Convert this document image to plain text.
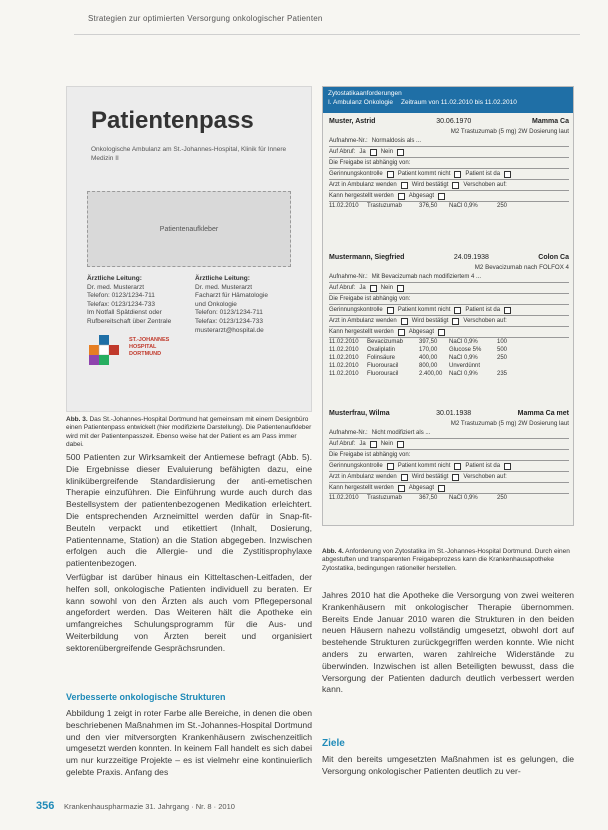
Strategien zur optimierten Versorgung onkologischer Patienten
Patientenpass
Onkologische Ambulanz am St.-Johannes-Hospital, Klinik für Innere Medizin II
Patientenaufkleber
Ärztliche Leitung:
Dr. med. Musterarzt
Telefon: 0123/1234-711
Telefax: 0123/1234-733
Im Notfall Spätdienst oder
Rufbereitschaft über Zentrale
Ärztliche Leitung:
Dr. med. Musterarzt
Facharzt für Hämatologie
und Onkologie
Telefon: 0123/1234-711
Telefax: 0123/1234-733
musterarzt@hospital.de
ST.-JOHANNES
HOSPITAL
DORTMUND
Abb. 3. Das St.-Johannes-Hospital Dortmund hat gemeinsam mit einem Designbüro einen Patientenpass entwickelt (hier modifizierte Darstellung). Die Patientenaufkleber wird mit der Patientenpasszeit. Ebenso weise hat der Patient es am Pass immer dabei.

500 Patienten zur Wirksamkeit der Antiemese befragt (Abb. 5). Die Ergebnisse dieser Evaluierung befähigten dazu, eine klinikübergreifende Standardisierung der anti-emetischen Therapie einzuführen. Die Einführung wurde auch durch das Bestellsystem der patientenbezogenen Medikation erleichtert. Die entsprechenden Arzneimittel werden dafür in Snap-fit-Beuteln verpackt und etikettiert (Inhalt, Dosierung, Patientenname, Station) an die Station abgegeben. Inzwischen erfolgen auch die Allergie- und die Zystitisprophylaxe patientenbezogen.

Verfügbar ist darüber hinaus ein Kitteltaschen-Leitfaden, der helfen soll, onkologische Patienten individuell zu beraten. Er kann sowohl von den Ärzten als auch vom Pflegepersonal angefordert werden. Das Weiteren hält die Apotheke ein umfangreiches Schulungsprogramm für die Aus- und Weiterbildung von Ärzten bereit und organisiert sektorenübergreifende Gesprächsrunden.

Verbesserte onkologische Strukturen
Abbildung 1 zeigt in roter Farbe alle Bereiche, in denen die oben beschriebenen Maßnahmen im St.-Johannes-Hospital Dortmund und den vier mitversorgten Krankenhäusern zwischenzeitlich umgesetzt werden konnten. In keinem Fall handelt es sich dabei um nur kurzzeitige Projekte – es ist vielmehr eine kontinuierlich gelebte Praxis. Anfang des
Zytostatikaanforderungen
I. Ambulanz Onkologie Zeitraum von 11.02.2010 bis 11.02.2010
Muster, Astrid	30.06.1970	Mamma Ca
M2 Trastuzumab (5 mg) 2W Dosierung laut
Aufnahme-Nr.: Normaldosis als ...
Auf Abruf: Ja	Nein
Die Freigabe ist abhängig von:
Gerinnungskontrolle	Patient kommt nicht	Patient ist da
Arzt in Ambulanz wenden	Wird bestätigt	Verschoben auf:
Kann hergestellt werden	Abgesagt
11.02.2010	Trastuzumab	376,50	NaCl 0,9%	250
Mustermann, Siegfried	24.09.1938	Colon Ca
M2 Bevacizumab nach FOLFOX 4
Aufnahme-Nr.: Mit Bevacizumab nach modifiziertem 4 ...
Auf Abruf: Ja	Nein
Die Freigabe ist abhängig von:
Gerinnungskontrolle	Patient kommt nicht	Patient ist da
Arzt in Ambulanz wenden	Wird bestätigt	Verschoben auf:
Kann hergestellt werden	Abgesagt
11.02.2010	Bevacizumab	397,50	NaCl 0,9%	100
11.02.2010	Oxaliplatin	170,00	Glucose 5%	500
11.02.2010	Folinsäure	400,00	NaCl 0,9%	250
11.02.2010	Fluorouracil	800,00	Unverdünnt
11.02.2010	Fluorouracil	2.400,00	NaCl 0,9%	235
Musterfrau, Wilma	30.01.1938	Mamma Ca met
M2 Trastuzumab (5 mg) 2W Dosierung laut
Aufnahme-Nr.: Nicht modifiziert als ...
Auf Abruf: Ja	Nein
Die Freigabe ist abhängig von:
Gerinnungskontrolle	Patient kommt nicht	Patient ist da
Arzt in Ambulanz wenden	Wird bestätigt	Verschoben auf:
Kann hergestellt werden	Abgesagt
11.02.2010	Trastuzumab	367,50	NaCl 0,9%	250
Abb. 4. Anforderung von Zytostatika im St.-Johannes-Hospital Dortmund. Durch einen abgestuften und transparenten Freigabeprozess kann die Krankenhausapotheke Zytostatika, bedingungen rationeller herstellen.
Jahres 2010 hat die Apotheke die Versorgung von zwei weiteren Krankenhäusern mit onkologischer Therapie übernommen. Bereits Ende Januar 2010 waren die Strukturen in den beiden neuen Häusern nahezu vollständig umgesetzt, obwohl dort auf bestehende Strukturen zurückgegriffen werden konnte. Wie nicht anders zu erwarten, waren zahlreiche Widerstände zu überwinden. Inzwischen ist allen Beteiligten bewusst, dass die Versorgung der Patienten dadurch deutlich verbessert werden kann.
Ziele
Mit den bereits umgesetzten Maßnahmen ist es gelungen, die Versorgung onkologischer Patienten deutlich zu ver-
356 Krankenhauspharmazie 31. Jahrgang · Nr. 8 · 2010
